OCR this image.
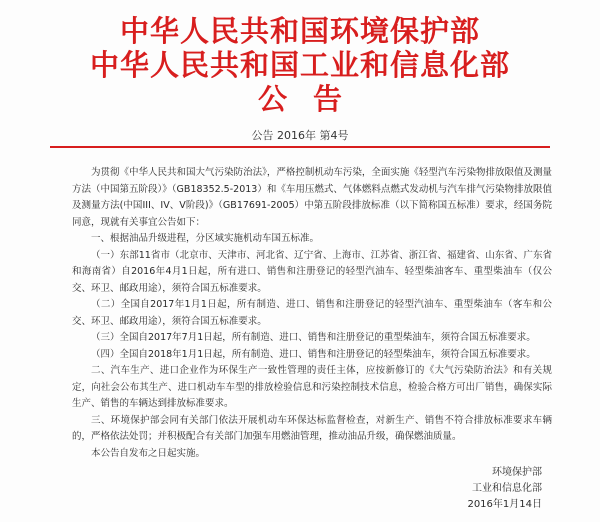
中华人民共和国环境保护部
中华人民共和国工业和信息化部
公告
公告 2016年 第4号

为贯彻《中华人民共和国大气污染防治法》，严格控制机动车污染，全面实施《轻型汽车污染物排放限值及测量方法（中国第五阶段）》（GB18352.5-2013）和《车用压燃式、气体燃料点燃式发动机与汽车排气污染物排放限值及测量方法(中国III、IV、V阶段)》（GB17691-2005）中第五阶段排放标准（以下简称国五标准）要求，经国务院同意，现就有关事宜公告如下：

一、根据油品升级进程，分区域实施机动车国五标准。

（一）东部11省市（北京市、天津市、河北省、辽宁省、上海市、江苏省、浙江省、福建省、山东省、广东省和海南省）自2016年4月1日起，所有进口、销售和注册登记的轻型汽油车、轻型柴油客车、重型柴油车（仅公交、环卫、邮政用途），须符合国五标准要求。

（二）全国自2017年1月1日起，所有制造、进口、销售和注册登记的轻型汽油车、重型柴油车（客车和公交、环卫、邮政用途），须符合国五标准要求。

（三）全国自2017年7月1日起，所有制造、进口、销售和注册登记的重型柴油车，须符合国五标准要求。

（四）全国自2018年1月1日起，所有制造、进口、销售和注册登记的轻型柴油车，须符合国五标准要求。

二、汽车生产、进口企业作为环保生产一致性管理的责任主体，应按新修订的《大气污染防治法》和有关规定，向社会公布其生产、进口机动车车型的排放检验信息和污染控制技术信息，检验合格方可出厂销售，确保实际生产、销售的车辆达到排放标准要求。

三、环境保护部会同有关部门依法开展机动车环保达标监督检查，对新生产、销售不符合排放标准要求车辆的，严格依法处罚；并积极配合有关部门加强车用燃油管理，推动油品升级，确保燃油质量。

本公告自发布之日起实施。

环境保护部
工业和信息化部
2016年1月14日
